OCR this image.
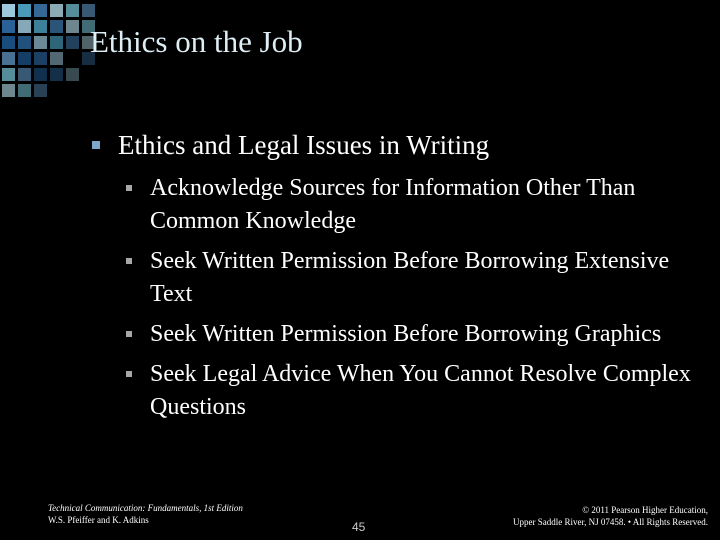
Ethics on the Job
Ethics and Legal Issues in Writing
Acknowledge Sources for Information Other Than Common Knowledge
Seek Written Permission Before Borrowing Extensive Text
Seek Written Permission Before Borrowing Graphics
Seek Legal Advice When You Cannot Resolve Complex Questions
Technical Communication: Fundamentals, 1st Edition
W.S. Pfeiffer and K. Adkins	45
© 2011 Pearson Higher Education,
Upper Saddle River, NJ 07458. • All Rights Reserved.
